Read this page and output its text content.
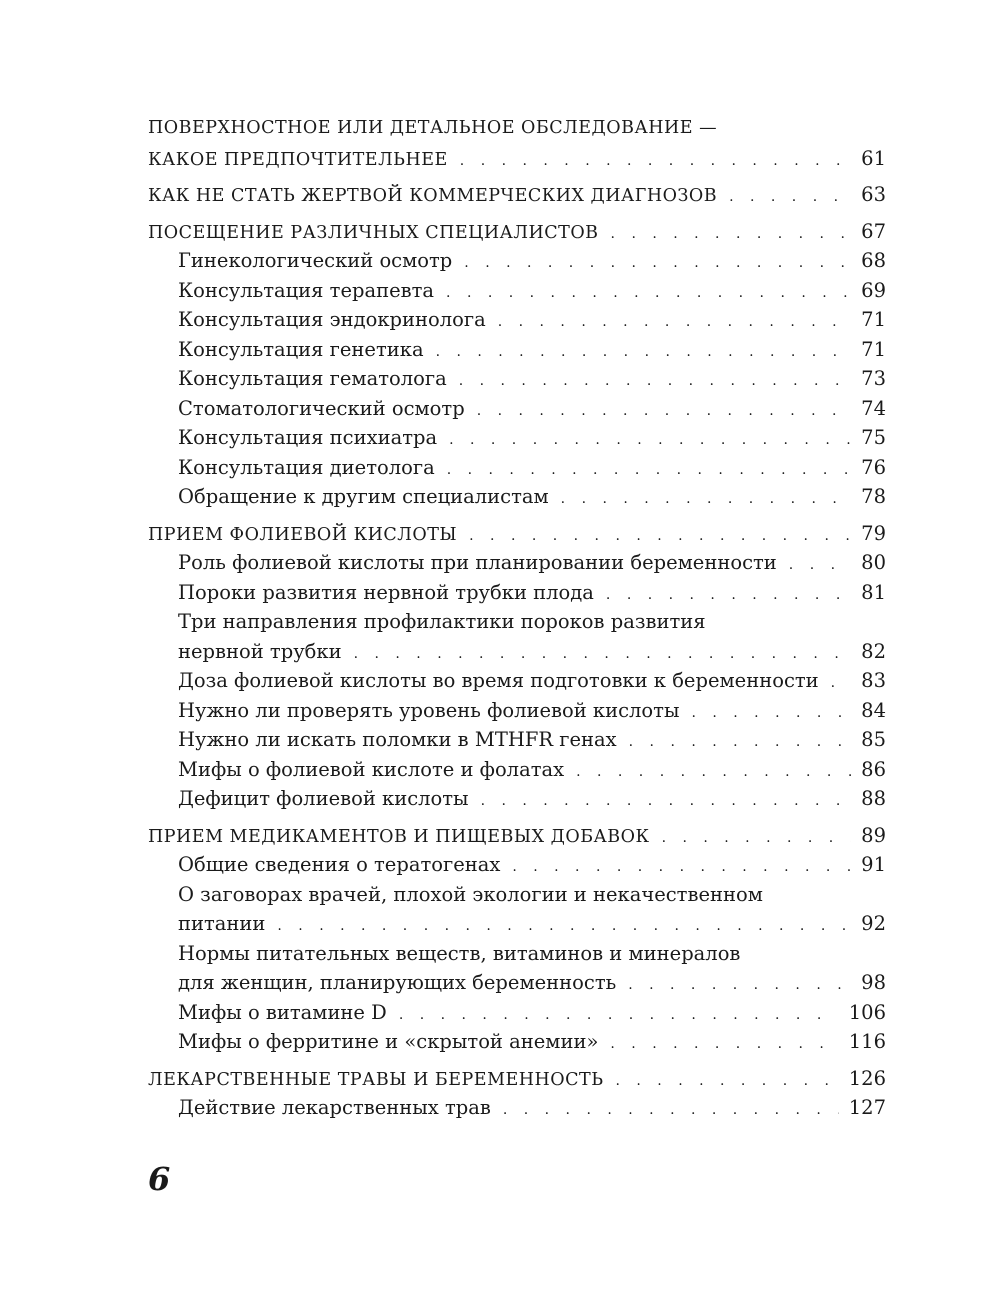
ПОВЕРХНОСТНОЕ ИЛИ ДЕТАЛЬНОЕ ОБСЛЕДОВАНИЕ —
КАКОЕ ПРЕДПОЧТИТЕЛЬНЕЕ . . .	61
КАК НЕ СТАТЬ ЖЕРТВОЙ КОММЕРЧЕСКИХ ДИАГНОЗОВ . . .	63
ПОСЕЩЕНИЕ РАЗЛИЧНЫХ СПЕЦИАЛИСТОВ . . .	67
Гинекологический осмотр . . .	68
Консультация терапевта . . .	69
Консультация эндокринолога . . .	71
Консультация генетика . . .	71
Консультация гематолога . . .	73
Стоматологический осмотр . . .	74
Консультация психиатра . . .	75
Консультация диетолога . . .	76
Обращение к другим специалистам . . .	78
ПРИЕМ ФОЛИЕВОЙ КИСЛОТЫ . . .	79
Роль фолиевой кислоты при планировании беременности . . .	80
Пороки развития нервной трубки плода . . .	81
Три направления профилактики пороков развития
нервной трубки . . .	82
Доза фолиевой кислоты во время подготовки к беременности . . . 83
Нужно ли проверять уровень фолиевой кислоты . . .	84
Нужно ли искать поломки в MTHFR генах . . .	85
Мифы о фолиевой кислоте и фолатах . . .	86
Дефицит фолиевой кислоты . . .	88
ПРИЕМ МЕДИКАМЕНТОВ И ПИЩЕВЫХ ДОБАВОК . . .	89
Общие сведения о тератогенах . . .	91
О заговорах врачей, плохой экологии и некачественном
питании . . .	92
Нормы питательных веществ, витаминов и минералов
для женщин, планирующих беременность . . .	98
Мифы о витамине D . . .	106
Мифы о ферритине и «скрытой анемии» . . .	116
ЛЕКАРСТВЕННЫЕ ТРАВЫ И БЕРЕМЕННОСТЬ . . .	126
Действие лекарственных трав . . .	127
6
